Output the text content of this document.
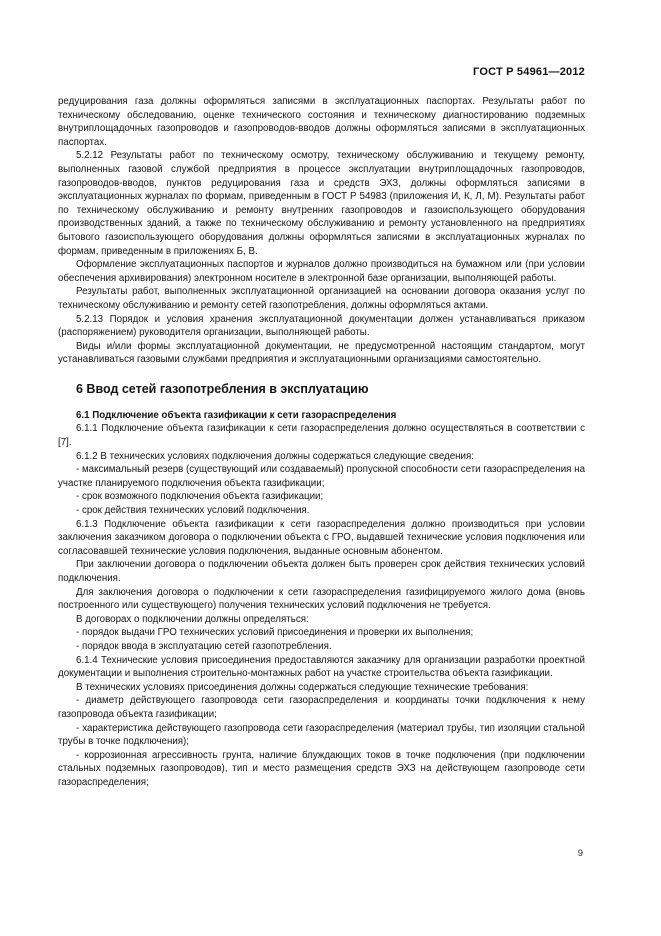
ГОСТ Р 54961—2012

редуцирования газа должны оформляться записями в эксплуатационных паспортах. Результаты работ по техническому обследованию, оценке технического состояния и техническому диагностированию подземных внутриплощадочных газопроводов и газопроводов-вводов должны оформляться записями в эксплуатационных паспортах.

5.2.12 Результаты работ по техническому осмотру, техническому обслуживанию и текущему ремонту, выполненных газовой службой предприятия в процессе эксплуатации внутриплощадочных газопроводов, газопроводов-вводов, пунктов редуцирования газа и средств ЭХЗ, должны оформляться записями в эксплуатационных журналах по формам, приведенным в ГОСТ Р 54983 (приложения И, К, Л, М). Результаты работ по техническому обслуживанию и ремонту внутренних газопроводов и газоиспользующего оборудования производственных зданий, а также по техническому обслуживанию и ремонту установленного на предприятиях бытового газоиспользующего оборудования должны оформляться записями в эксплуатационных журналах по формам, приведенным в приложениях Б, В.

Оформление эксплуатационных паспортов и журналов должно производиться на бумажном или (при условии обеспечения архивирования) электронном носителе в электронной базе организации, выполняющей работы.

Результаты работ, выполненных эксплуатационной организацией на основании договора оказания услуг по техническому обслуживанию и ремонту сетей газопотребления, должны оформляться актами.

5.2.13 Порядок и условия хранения эксплуатационной документации должен устанавливаться приказом (распоряжением) руководителя организации, выполняющей работы.

Виды и/или формы эксплуатационной документации, не предусмотренной настоящим стандартом, могут устанавливаться газовыми службами предприятия и эксплуатационными организациями самостоятельно.

6 Ввод сетей газопотребления в эксплуатацию

6.1 Подключение объекта газификации к сети газораспределения

6.1.1 Подключение объекта газификации к сети газораспределения должно осуществляться в соответствии с [7].

6.1.2 В технических условиях подключения должны содержаться следующие сведения:

- максимальный резерв (существующий или создаваемый) пропускной способности сети газораспределения на участке планируемого подключения объекта газификации;

- срок возможного подключения объекта газификации;

- срок действия технических условий подключения.

6.1.3 Подключение объекта газификации к сети газораспределения должно производиться при условии заключения заказчиком договора о подключении объекта с ГРО, выдавшей технические условия подключения или согласовавшей технические условия подключения, выданные основным абонентом.

При заключении договора о подключении объекта должен быть проверен срок действия технических условий подключения.

Для заключения договора о подключении к сети газораспределения газифицируемого жилого дома (вновь построенного или существующего) получения технических условий подключения не требуется.

В договорах о подключении должны определяться:

- порядок выдачи ГРО технических условий присоединения и проверки их выполнения;

- порядок ввода в эксплуатацию сетей газопотребления.

6.1.4 Технические условия присоединения предоставляются заказчику для организации разработки проектной документации и выполнения строительно-монтажных работ на участке строительства объекта газификации.

В технических условиях присоединения должны содержаться следующие технические требования:

- диаметр действующего газопровода сети газораспределения и координаты точки подключения к нему газопровода объекта газификации;

- характеристика действующего газопровода сети газораспределения (материал трубы, тип изоляции стальной трубы в точке подключения);

- коррозионная агрессивность грунта, наличие блуждающих токов в точке подключения (при подключении стальных подземных газопроводов), тип и место размещения средств ЭХЗ на действующем газопроводе сети газораспределения;

9
